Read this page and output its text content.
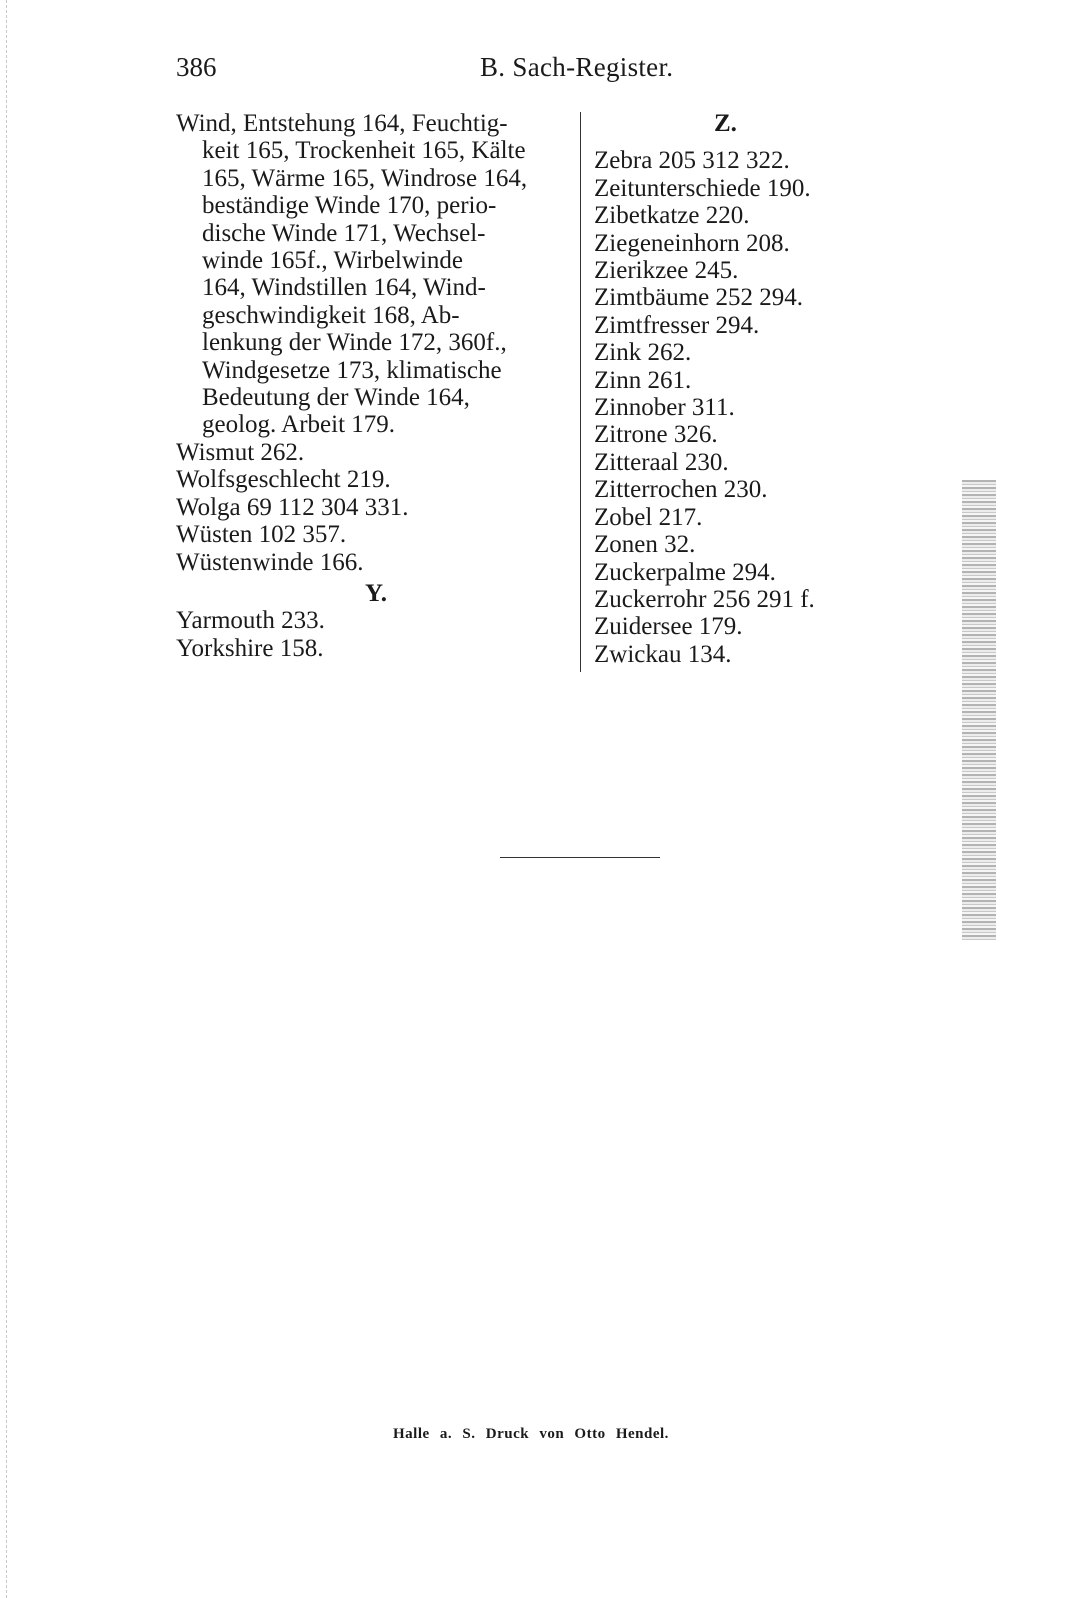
386	B. Sach-Register.
Wind, Entstehung 164, Feuchtig-
keit 165, Trockenheit 165, Kälte
165, Wärme 165, Windrose 164,
beständige Winde 170, perio-
dische Winde 171, Wechsel-
winde 165f., Wirbelwinde
164, Windstillen 164, Wind-
geschwindigkeit 168, Ab-
lenkung der Winde 172, 360f.,
Windgesetze 173, klimatische
Bedeutung der Winde 164,
geolog. Arbeit 179.
Wismut 262.
Wolfsgeschlecht 219.
Wolga 69 112 304 331.
Wüsten 102 357.
Wüstenwinde 166.
Y.
Yarmouth 233.
Yorkshire 158.
Z.
Zebra 205 312 322.
Zeitunterschiede 190.
Zibetkatze 220.
Ziegeneinhorn 208.
Zierikzee 245.
Zimtbäume 252 294.
Zimtfresser 294.
Zink 262.
Zinn 261.
Zinnober 311.
Zitrone 326.
Zitteraal 230.
Zitterrochen 230.
Zobel 217.
Zonen 32.
Zuckerpalme 294.
Zuckerrohr 256 291 f.
Zuidersee 179.
Zwickau 134.
Halle a. S. Druck von Otto Hendel.
